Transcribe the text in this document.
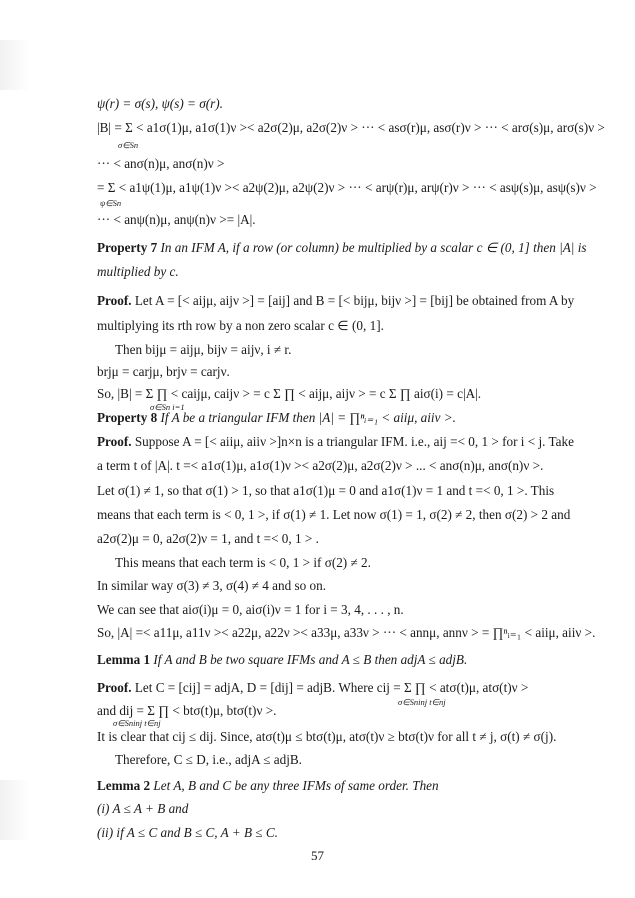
ψ(r) = σ(s), ψ(s) = σ(r).
|B| = Σ < a1σ(1)μ, a1σ(1)ν >< a2σ(2)μ, a2σ(2)ν > ··· < asσ(r)μ, asσ(r)ν > ··· < arσ(s)μ, arσ(s)ν >
σ∈Sn
··· < anσ(n)μ, anσ(n)ν >
= Σ < a1ψ(1)μ, a1ψ(1)ν >< a2ψ(2)μ, a2ψ(2)ν > ··· < arψ(r)μ, arψ(r)ν > ··· < asψ(s)μ, asψ(s)ν >
ψ∈Sn
··· < anψ(n)μ, anψ(n)ν >= |A|.
Property 7 In an IFM A, if a row (or column) be multiplied by a scalar c ∈ (0, 1] then |A| is
multiplied by c.
Proof. Let A = [< aijμ, aijν >] = [aij] and B = [< bijμ, bijν >] = [bij] be obtained from A by
multiplying its rth row by a non zero scalar c ∈ (0, 1].
Then bijμ = aijμ, bijν = aijν, i ≠ r.
brjμ = carjμ, brjν = carjν.
So, |B| = Σ ∏ < caijμ, caijν > = c Σ ∏ < aijμ, aijν > = c Σ ∏ aiσ(i) = c|A|.
σ∈Sn i=1
Property 8 If A be a triangular IFM then |A| = ∏ⁿᵢ₌₁ < aiiμ, aiiν >.
Proof. Suppose A = [< aiiμ, aiiν >]n×n is a triangular IFM. i.e., aij =< 0, 1 > for i < j. Take
a term t of |A|. t =< a1σ(1)μ, a1σ(1)ν >< a2σ(2)μ, a2σ(2)ν > ... < anσ(n)μ, anσ(n)ν >.
Let σ(1) ≠ 1, so that σ(1) > 1, so that a1σ(1)μ = 0 and a1σ(1)ν = 1 and t =< 0, 1 >. This
means that each term is < 0, 1 >, if σ(1) ≠ 1. Let now σ(1) = 1, σ(2) ≠ 2, then σ(2) > 2 and
a2σ(2)μ = 0, a2σ(2)ν = 1, and t =< 0, 1 > .
This means that each term is < 0, 1 > if σ(2) ≠ 2.
In similar way σ(3) ≠ 3, σ(4) ≠ 4 and so on.
We can see that aiσ(i)μ = 0, aiσ(i)ν = 1 for i = 3, 4, . . . , n.
So, |A| =< a11μ, a11ν >< a22μ, a22ν >< a33μ, a33ν > ··· < annμ, annν > = ∏ⁿᵢ₌₁ < aiiμ, aiiν >.
Lemma 1 If A and B be two square IFMs and A ≤ B then adjA ≤ adjB.
Proof. Let C = [cij] = adjA, D = [dij] = adjB. Where cij = Σ ∏ < atσ(t)μ, atσ(t)ν >
σ∈Sninj t∈nj
and dij = Σ ∏ < btσ(t)μ, btσ(t)ν >.
σ∈Sninj t∈nj
It is clear that cij ≤ dij. Since, atσ(t)μ ≤ btσ(t)μ, atσ(t)ν ≥ btσ(t)ν for all t ≠ j, σ(t) ≠ σ(j).
Therefore, C ≤ D, i.e., adjA ≤ adjB.
Lemma 2 Let A, B and C be any three IFMs of same order. Then
(i) A ≤ A + B and
(ii) if A ≤ C and B ≤ C, A + B ≤ C.
57
